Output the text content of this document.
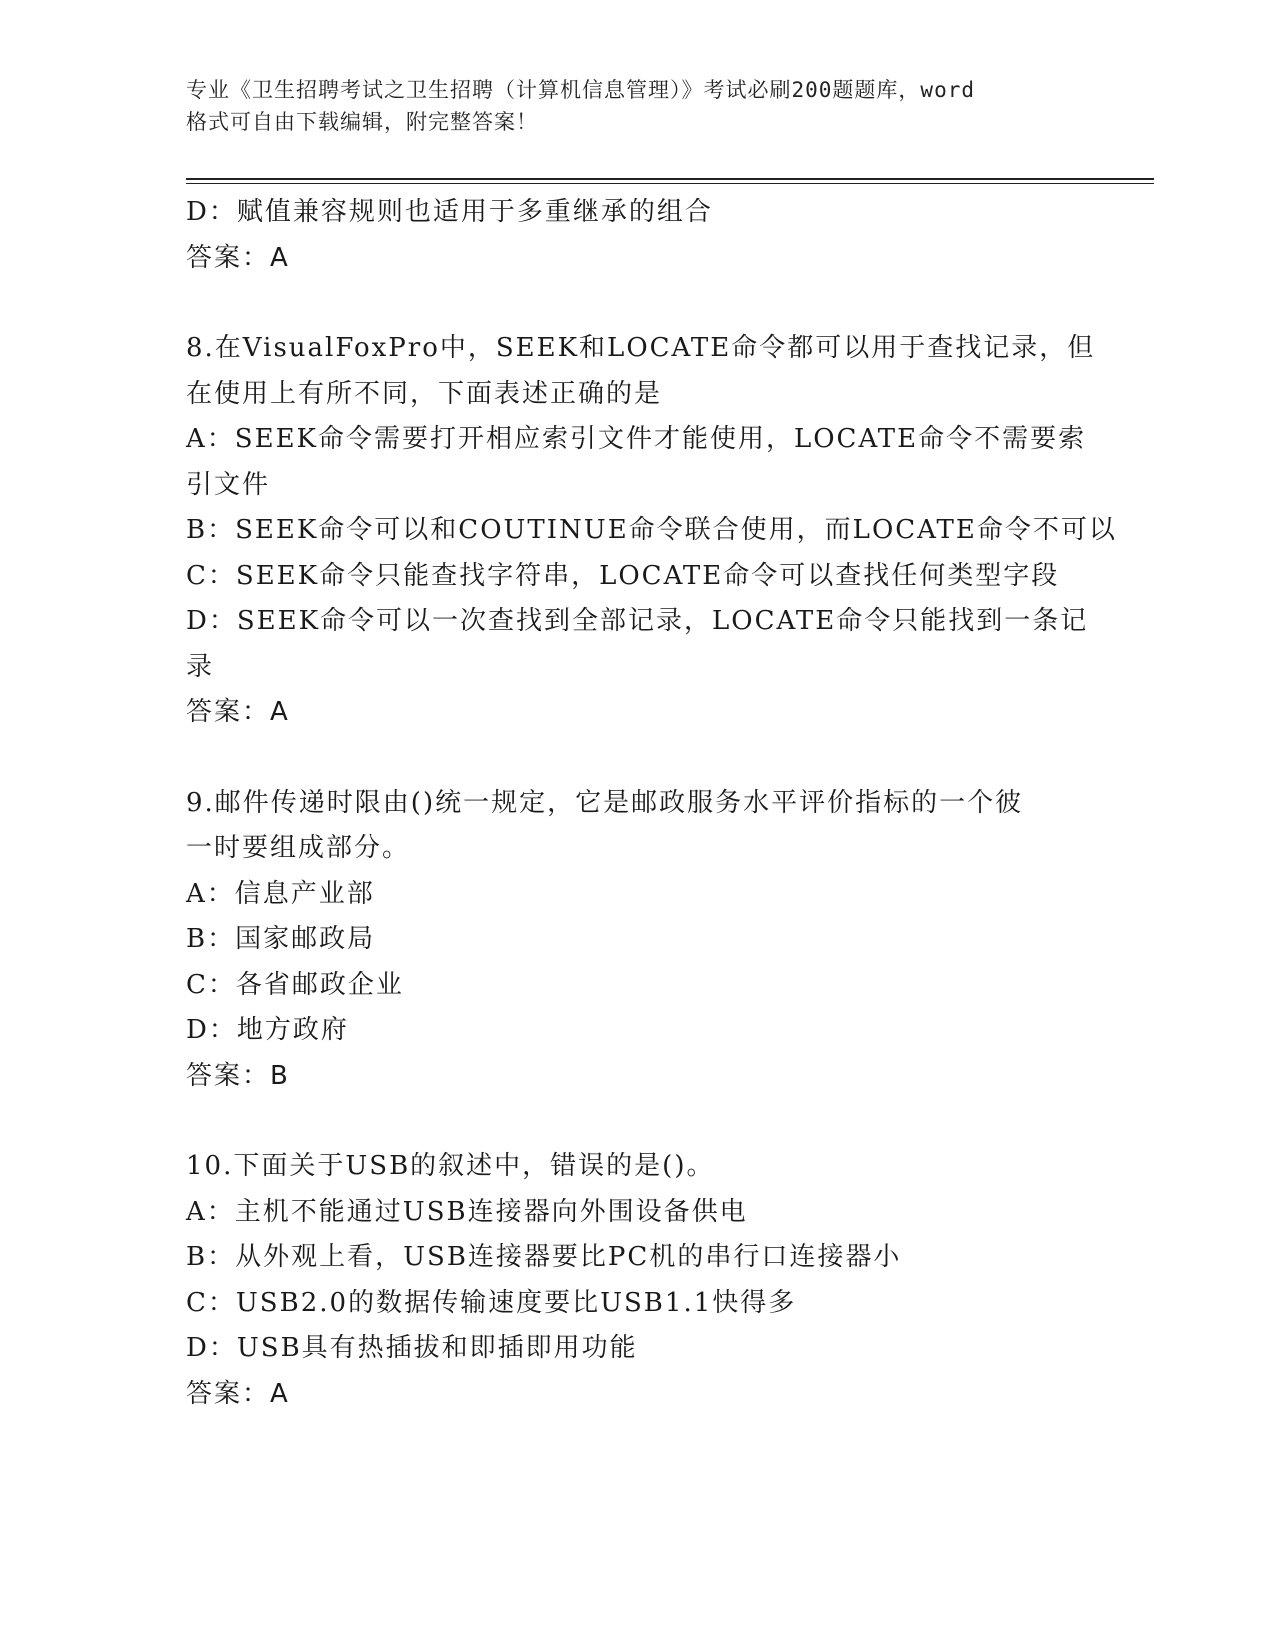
专业《卫生招聘考试之卫生招聘（计算机信息管理）》考试必刷200题题库，word
格式可自由下载编辑，附完整答案！
D：赋值兼容规则也适用于多重继承的组合
答案：A
8.在VisualFoxPro中，SEEK和LOCATE命令都可以用于查找记录，但
在使用上有所不同，下面表述正确的是
A：SEEK命令需要打开相应索引文件才能使用，LOCATE命令不需要索
引文件
B：SEEK命令可以和COUTINUE命令联合使用，而LOCATE命令不可以
C：SEEK命令只能查找字符串，LOCATE命令可以查找任何类型字段
D：SEEK命令可以一次查找到全部记录，LOCATE命令只能找到一条记
录
答案：A
9.邮件传递时限由()统一规定，它是邮政服务水平评价指标的一个彼
一时要组成部分。
A：信息产业部
B：国家邮政局
C：各省邮政企业
D：地方政府
答案：B
10.下面关于USB的叙述中，错误的是()。
A：主机不能通过USB连接器向外围设备供电
B：从外观上看，USB连接器要比PC机的串行口连接器小
C：USB2.0的数据传输速度要比USB1.1快得多
D：USB具有热插拔和即插即用功能
答案：A
